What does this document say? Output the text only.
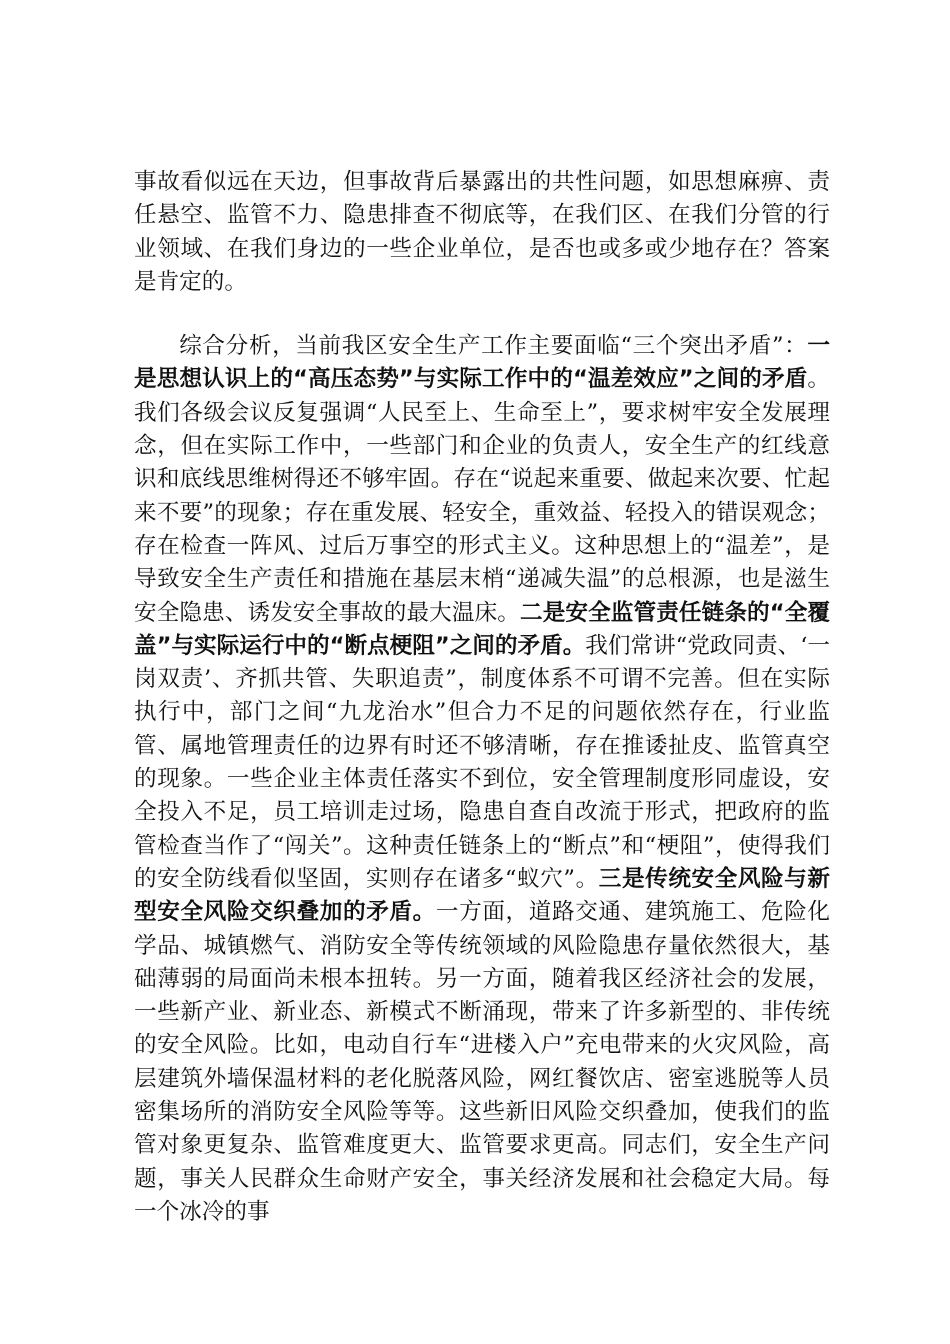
事故看似远在天边，但事故背后暴露出的共性问题，如思想麻痹、责任悬空、监管不力、隐患排查不彻底等，在我们区、在我们分管的行业领域、在我们身边的一些企业单位，是否也或多或少地存在？答案是肯定的。

综合分析，当前我区安全生产工作主要面临“三个突出矛盾”：一是思想认识上的“高压态势”与实际工作中的“温差效应”之间的矛盾。我们各级会议反复强调“人民至上、生命至上”，要求树牢安全发展理念，但在实际工作中，一些部门和企业的负责人，安全生产的红线意识和底线思维树得还不够牢固。存在“说起来重要、做起来次要、忙起来不要”的现象；存在重发展、轻安全，重效益、轻投入的错误观念；存在检查一阵风、过后万事空的形式主义。这种思想上的“温差”，是导致安全生产责任和措施在基层末梢“递减失温”的总根源，也是滋生安全隐患、诱发安全事故的最大温床。二是安全监管责任链条的“全覆盖”与实际运行中的“断点梗阻”之间的矛盾。我们常讲“党政同责、‘一岗双责’、齐抓共管、失职追责”，制度体系不可谓不完善。但在实际执行中，部门之间“九龙治水”但合力不足的问题依然存在，行业监管、属地管理责任的边界有时还不够清晰，存在推诿扯皮、监管真空的现象。一些企业主体责任落实不到位，安全管理制度形同虚设，安全投入不足，员工培训走过场，隐患自查自改流于形式，把政府的监管检查当作了“闯关”。这种责任链条上的“断点”和“梗阻”，使得我们的安全防线看似坚固，实则存在诸多“蚁穴”。三是传统安全风险与新型安全风险交织叠加的矛盾。一方面，道路交通、建筑施工、危险化学品、城镇燃气、消防安全等传统领域的风险隐患存量依然很大，基础薄弱的局面尚未根本扭转。另一方面，随着我区经济社会的发展，一些新产业、新业态、新模式不断涌现，带来了许多新型的、非传统的安全风险。比如，电动自行车“进楼入户”充电带来的火灾风险，高层建筑外墙保温材料的老化脱落风险，网红餐饮店、密室逃脱等人员密集场所的消防安全风险等等。这些新旧风险交织叠加，使我们的监管对象更复杂、监管难度更大、监管要求更高。同志们，安全生产问题，事关人民群众生命财产安全，事关经济发展和社会稳定大局。每一个冰冷的事
